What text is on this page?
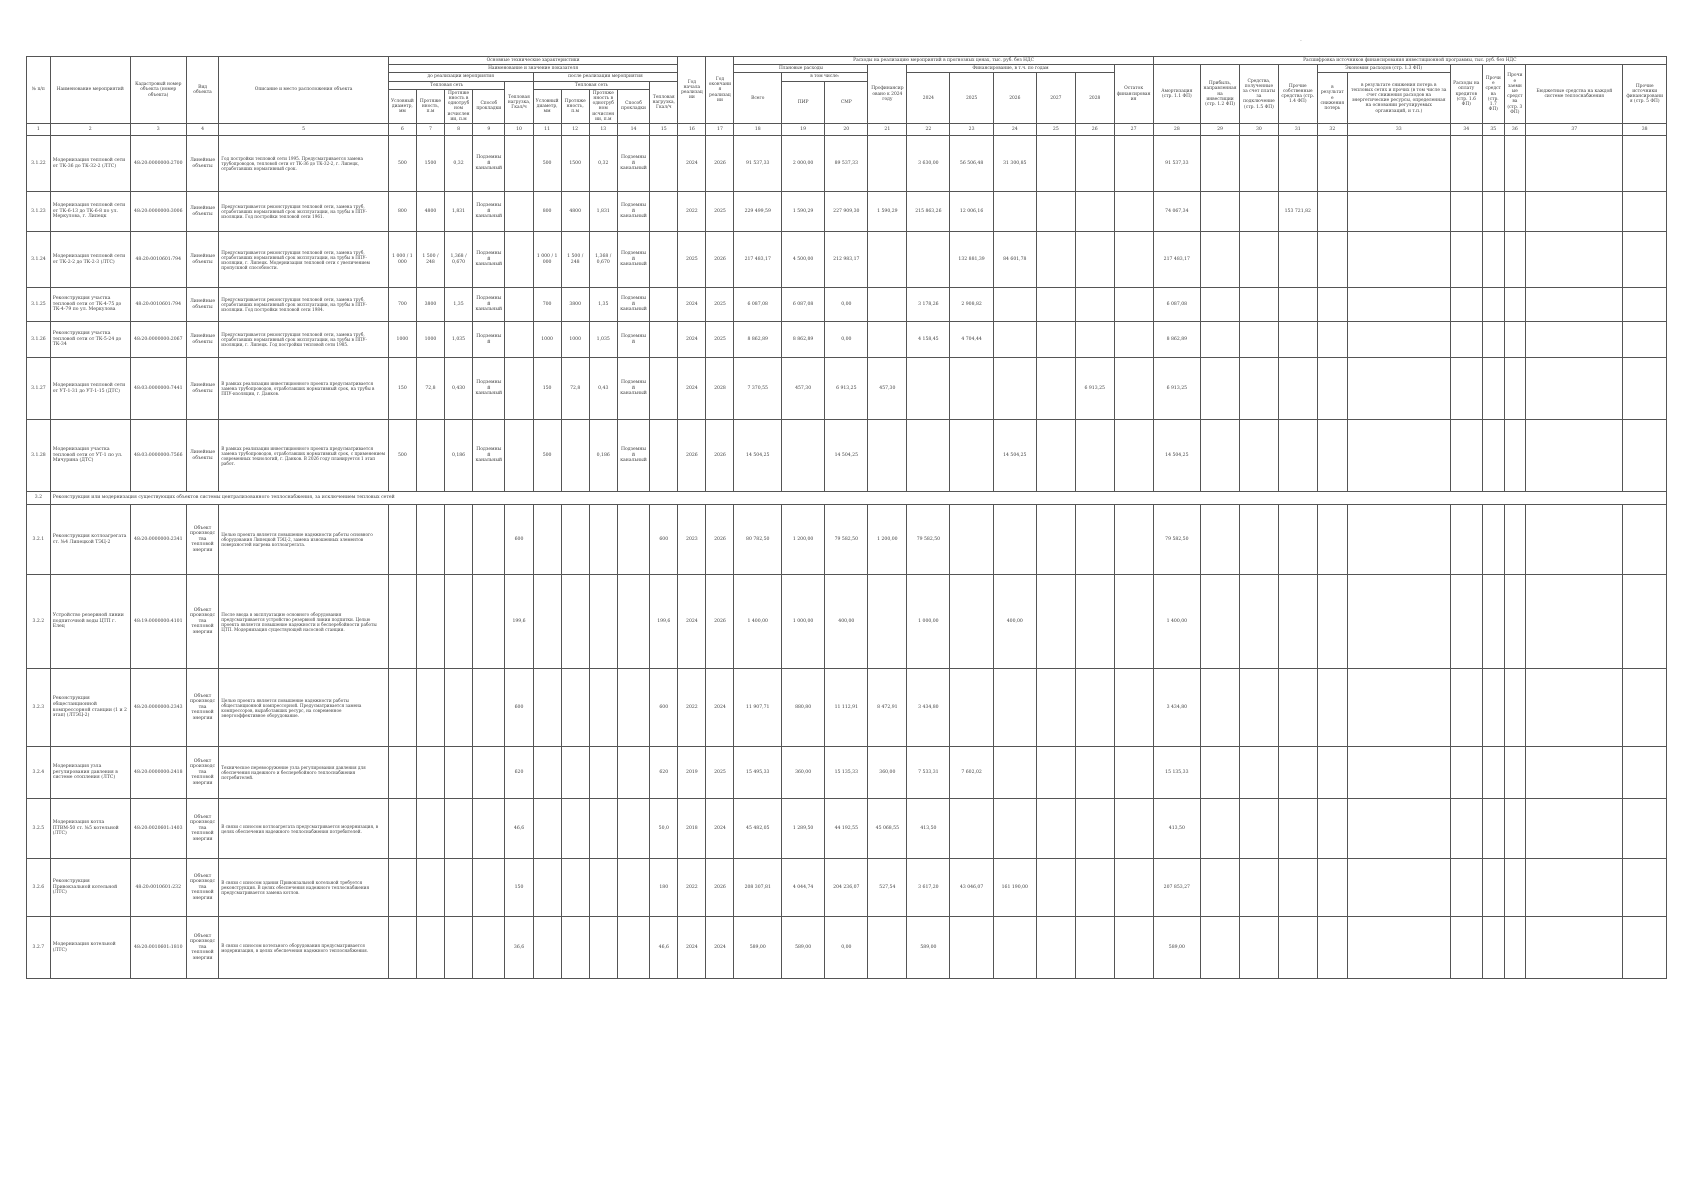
·
№ п/п	Наименование мероприятий	Кадастровый номер объекта (номер объекта)	Вид объекта	Описание и место расположения объекта	Основные технические характеристики										Год начала реализации	Год окончания реализации	Расходы на реализацию мероприятий в прогнозных ценах, тыс. руб. без НДС										Расшифровка источников финансирования инвестиционной программы, тыс. руб. без НДС										
					Наименование и значение показателя												Плановые расходы			Профинансировано к 2024 году	Финансирование, в т.ч. по годам					Остаток финансирования	Амортизация (стр. 1.1 ФП)	Прибыль, направленная на инвестиции (стр. 1.2 ФП)	Средства, полученные за счет платы за подключение (стр. 1.5 ФП)	Прочие собственные средства (стр. 1.4 ФП)	Экономия расходов (стр. 1.3 ФП)		Расходы на оплату кредитов (стр. 1.6 ФП)	Прочие средства (стр. 1.7 ФП)	Прочие заемные средства (стр. 3 ФП)	Бюджетные средства на каждой системе теплоснабжения	Прочие источники финансирования (стр. 5 ФП)
					до реализации мероприятия					после реализации мероприятия							Всего	в том числе:			2024	2025	2026	2027	2028						в результате снижения потерь	в результате снижения потерь в тепловых сетях и прочих (в том числе за счет снижения расходов на энергетические ресурсы, определенная на основании регулируемых организаций, и т.п.)					
					Тепловая сеть				Тепловая нагрузка, Гкал/ч	Тепловая сеть				Тепловая нагрузка, Гкал/ч				ПИР	СМР																		
					Условный диаметр, мм	Протяженность, п.м	Протяженность в однотрубном исчислении, п.м	Способ прокладки		Условный диаметр, мм	Протяженность, п.м	Протяженность в однотрубном исчислении, п.м	Способ прокладки																								
1	2	3	4	5	6	7	8	9	10	11	12	13	14	15	16	17	18	19	20	21	22	23	24	25	26	27	28	29	30	31	32	33	34	35	36	37	38
3.1.22	Модернизация тепловой сети от ТК-36 до ТК-32-2 (ЛТС)	48:20:0000000:2700	Линейные объекты	Год постройки тепловой сети 1995. Предусматривается замена трубопроводов, тепловой сети от ТК-36 до ТК-32-2, г. Липецк, отработавших нормативный срок.	500	1500	0,32	Подземный канальный		500	1500	0,32	Подземный канальный		2024	2026	91 537,33	2 000,00	89 537,33		3 630,00	56 506,48	31 300,85				91 537,33										
3.1.23	Модернизация тепловой сети от ТК-6-13 до ТК-6-8 по ул. Меркулова, г. Липецк	48:20:0000000:3006	Линейные объекты	Предусматривается реконструкция тепловой сети, замена труб, отработавших нормативный срок эксплуатации, на трубы в ППУ-изоляции. Год постройки тепловой сети 1961.	800	4800	1,831	Подземный канальный		800	4800	1,831	Подземный канальный		2022	2025	229 499,59	1 590,29	227 909,30	1 590,29	215 863,26	12 006,16					74 067,34			153 721,82							
3.1.24	Модернизация тепловой сети от ТК-2-2 до ТК-2-3 (ЛТС)	48:20:0010601:794	Линейные объекты	Предусматривается реконструкция тепловой сети, замена труб, отработавших нормативный срок эксплуатации, на трубы в ППУ-изоляции, г. Липецк. Модернизация тепловой сети с увеличением пропускной способности.	1 000 / 1 000	1 500 / 248	1,368 / 0,670	Подземный канальный		1 000 / 1 000	1 500 / 248	1,368 / 0,670	Подземный канальный		2025	2026	217 483,17	4 500,00	212 983,17			132 881,39	84 601,78				217 483,17										
3.1.25	Реконструкция участка тепловой сети от ТК-4-75 до ТК-4-79 по ул. Меркулова	48:20:0010601:794	Линейные объекты	Предусматривается реконструкция тепловой сети, замена труб, отработавших нормативный срок эксплуатации, на трубы в ППУ-изоляции. Год постройки тепловой сети 1984.	700	3800	1,35	Подземный канальный		700	3800	1,35	Подземный канальный		2024	2025	6 087,08	6 087,08	0,00		3 178,26	2 908,82					6 087,08										
3.1.26	Реконструкция участка тепловой сети от ТК-5-24 до ТК-34	48:20:0000000:2067	Линейные объекты	Предусматривается реконструкция тепловой сети, замена труб, отработавших нормативный срок эксплуатации, на трубы в ППУ-изоляции, г. Липецк. Год постройки тепловой сети 1985.	1000	1000	1,035	Подземный		1000	1000	1,035	Подземный		2024	2025	8 862,89	8 862,89	0,00		4 158,45	4 704,44					8 862,89										
3.1.27	Модернизация тепловой сети от УТ-1-31 до УТ-1-15 (ДТС)	48:03:0000000:7441	Линейные объекты	В рамках реализации инвестиционного проекта предусматривается замена трубопроводов, отработавших нормативный срок, на трубы в ППУ-изоляции, г. Данков.	150	72,8	0,430	Подземный канальный		150	72,8	0,43	Подземный канальный		2024	2028	7 370,55	457,30	6 913,25	457,30					6 913,25		6 913,25										
3.1.28	Модернизация участка тепловой сети от УТ-1 по ул. Мичурина (ДТС)	48:03:0000000:7566	Линейные объекты	В рамках реализации инвестиционного проекта предусматривается замена трубопроводов, отработавших нормативный срок, с применением современных технологий, г. Данков. В 2026 году планируется 1 этап работ.	500		0,186	Подземный канальный		500		0,186	Подземный канальный		2026	2026	14 504,25		14 504,25				14 504,25				14 504,25										
3.2	Реконструкция или модернизация существующих объектов системы централизованного теплоснабжения, за исключением тепловых сетей																																				
3.2.1	Реконструкция котлоагрегата ст. №4 Липецкой ТЭЦ-2	48:20:0000000:2341	Объект производства тепловой энергии	Целью проекта является повышение надежности работы основного оборудования Липецкой ТЭЦ-2, замена изношенных элементов поверхностей нагрева котлоагрегата.					600					600	2023	2026	80 782,50	1 200,00	79 582,50	1 200,00	79 582,50						79 582,50										
3.2.2	Устройство резервной линии подпиточной воды ЦТП г. Елец	48:19:0000000:4101	Объект производства тепловой энергии	После ввода в эксплуатацию основного оборудования предусматривается устройство резервной линии подпитки. Целью проекта является повышение надежности и бесперебойности работы ЦТП. Модернизация существующей насосной станции.					199,6					199,6	2024	2026	1 400,00	1 000,00	400,00		1 000,00		400,00				1 400,00										
3.2.3	Реконструкция общестанционной компрессорной станции (1 и 2 этап) (ЛТЭЦ-2)	48:20:0000000:2343	Объект производства тепловой энергии	Целью проекта является повышение надежности работы общестанционной компрессорной. Предусматривается замена компрессоров, выработавших ресурс, на современное энергоэффективное оборудование.					600					600	2022	2024	11 907,71	880,80	11 112,91	8 472,91	3 434,80						3 434,80										
3.2.4	Модернизация узла регулирования давления в системе отопления (ЛТС)	48:20:0000000:2418	Объект производства тепловой энергии	Техническое перевооружение узла регулирования давления для обеспечения надежного и бесперебойного теплоснабжения потребителей.					620					620	2019	2025	15 495,33	360,00	15 135,33	360,00	7 533,31	7 602,02					15 135,33										
3.2.5	Модернизация котла ПТВМ-50 ст. №5 котельной (ЛТС)	48:20:0020601:1403	Объект производства тепловой энергии	В связи с износом котлоагрегата предусматривается модернизация, в целях обеспечения надежного теплоснабжения потребителей.					46,6					50,0	2018	2024	45 482,05	1 289,50	44 192,55	45 068,55	413,50						413,50										
3.2.6	Реконструкция Привокзальной котельной (ЛТС)	48:20:0010601:232	Объект производства тепловой энергии	В связи с износом здания Привокзальной котельной требуется реконструкция. В целях обеспечения надежного теплоснабжения предусматривается замена котлов.					150					180	2022	2026	208 307,81	4 044,74	204 236,07	527,54	3 617,20	43 046,07	161 190,00				207 853,27										
3.2.7	Модернизация котельной (ЛТС)	48:20:0010601:1810	Объект производства тепловой энергии	В связи с износом котельного оборудования предусматривается модернизация, в целях обеспечения надежного теплоснабжения.					36,6					46,6	2024	2024	589,00	589,00	0,00		589,00						589,00										
